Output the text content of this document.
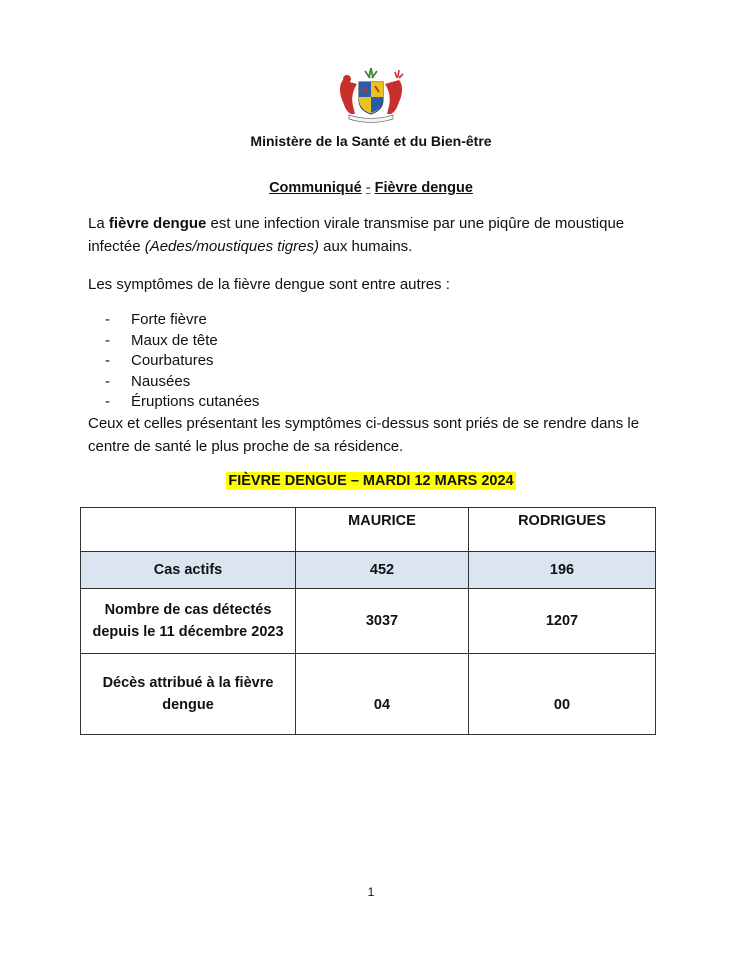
Ministère de la Santé et du Bien-être
Communiqué - Fièvre dengue
La fièvre dengue est une infection virale transmise par une piqûre de moustique infectée (Aedes/moustiques tigres) aux humains.
Les symptômes de la fièvre dengue sont entre autres :
-	Forte fièvre
-	Maux de tête
-	Courbatures
-	Nausées
-	Éruptions cutanées
Ceux et celles présentant les symptômes ci-dessus sont priés de se rendre dans le centre de santé le plus proche de sa résidence.
FIÈVRE DENGUE – MARDI 12 MARS 2024
	MAURICE	RODRIGUES
Cas actifs	452	196
Nombre de cas détectés depuis le 11 décembre 2023	3037	1207
Décès attribué à la fièvre dengue	04	00
1
